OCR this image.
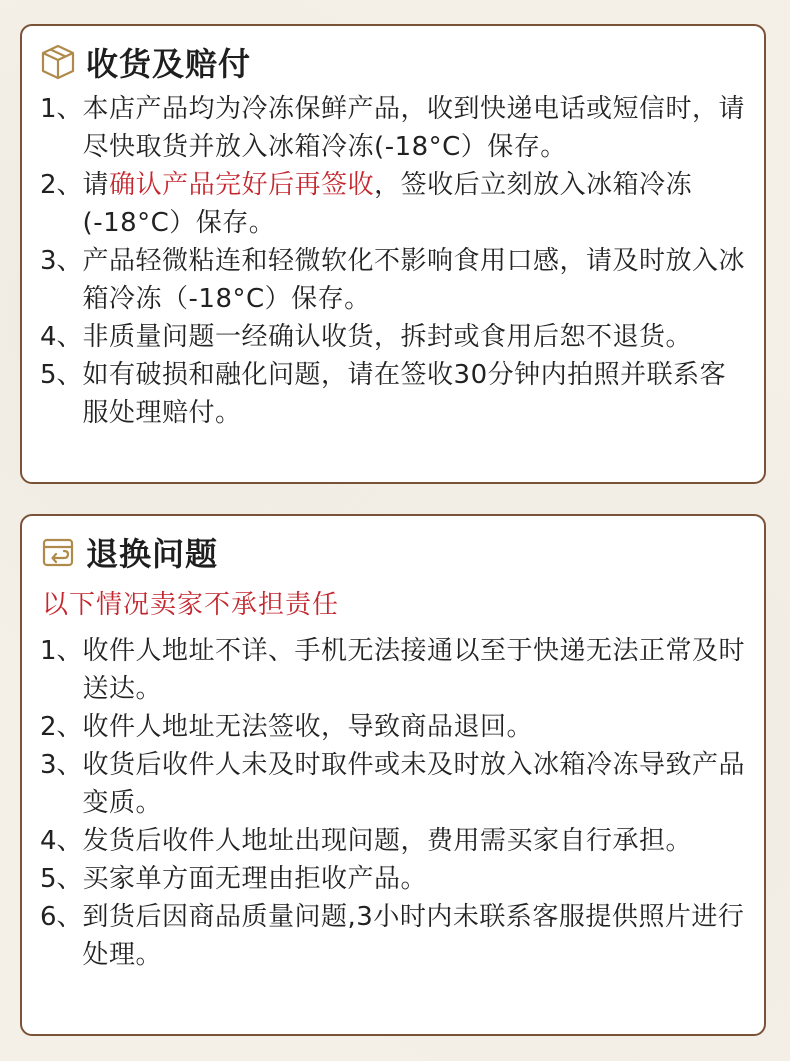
收货及赔付
1、 本店产品均为冷冻保鲜产品，收到快递电话或短信时，请尽快取货并放入冰箱冷冻(-18°C）保存。
2、 请确认产品完好后再签收，签收后立刻放入冰箱冷冻(-18°C）保存。
3、 产品轻微粘连和轻微软化不影响食用口感，请及时放入冰箱冷冻（-18°C）保存。
4、 非质量问题一经确认收货，拆封或食用后恕不退货。
5、 如有破损和融化问题，请在签收30分钟内拍照并联系客服处理赔付。
退换问题
以下情况卖家不承担责任
1、 收件人地址不详、手机无法接通以至于快递无法正常及时送达。
2、 收件人地址无法签收，导致商品退回。
3、 收货后收件人未及时取件或未及时放入冰箱冷冻导致产品变质。
4、 发货后收件人地址出现问题，费用需买家自行承担。
5、 买家单方面无理由拒收产品。
6、 到货后因商品质量问题,3小时内未联系客服提供照片进行处理。
